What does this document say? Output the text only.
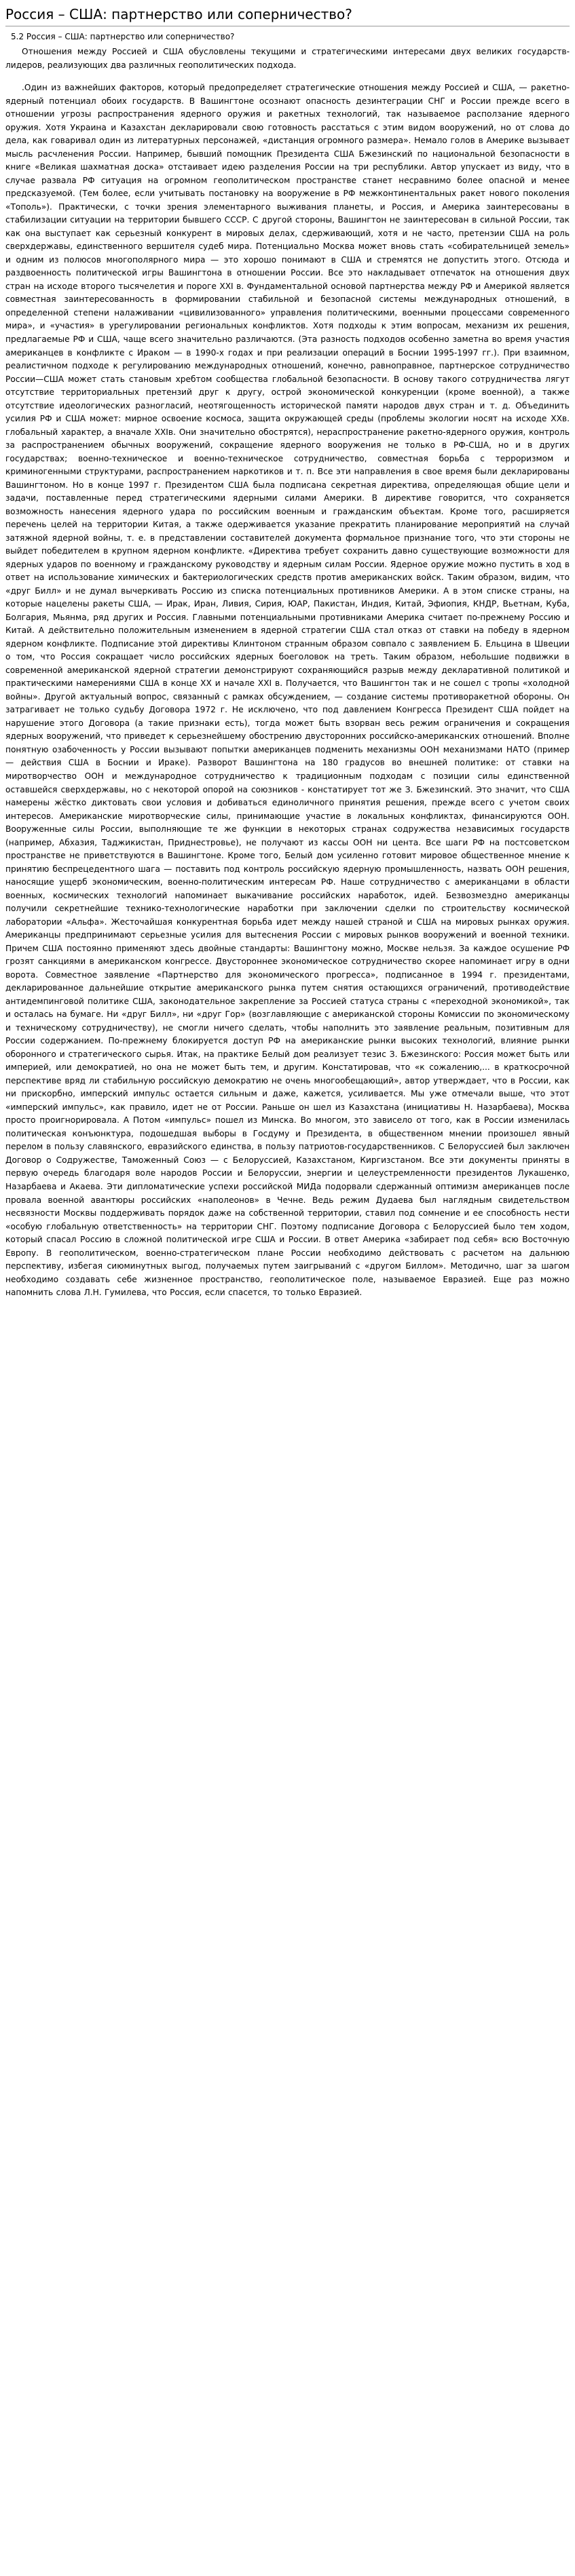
Россия – США: партнерство или соперничество?
5.2 Россия – США: партнерство или соперничество?

Отношения между Россией и США обусловлены текущими и стратегическими интересами двух великих государств-лидеров, реализующих два различных геополитических подхода.

.Один из важнейших факторов, который предопределяет стратегические отношения между Россией и США, — ракетно-ядерный потенциал обоих государств. В Вашингтоне осознают опасность дезинтеграции СНГ и России прежде всего в отношении угрозы распространения ядерного оружия и ракетных технологий, так называемое расползание ядерного оружия. Хотя Украина и Казахстан декларировали свою готовность расстаться с этим видом вооружений, но от слова до дела, как говаривал один из литературных персонажей, «дистанция огромного размера». Немало голов в Америке вызывает мысль расчленения России. Например, бывший помощник Президента США Бжезинский по национальной безопасности в книге «Великая шахматная доска» отстаивает идею разделения России на три республики. Автор упускает из виду, что в случае развала РФ ситуация на огромном геополитическом пространстве станет несравнимо более опасной и менее предсказуемой. (Тем более, если учитывать постановку на вооружение в РФ межконтинентальных ракет нового поколения «Тополь»). Практически, с точки зрения элементарного выживания планеты, и Россия, и Америка заинтересованы в стабилизации ситуации на территории бывшего СССР. С другой стороны, Вашингтон не заинтересован в сильной России, так как она выступает как серьезный конкурент в мировых делах, сдерживающий, хотя и не часто, претензии США на роль сверхдержавы, единственного вершителя судеб мира. Потенциально Москва может вновь стать «собирательницей земель» и одним из полюсов многополярного мира — это хорошо понимают в США и стремятся не допустить этого. Отсюда и раздвоенность политической игры Вашингтона в отношении России. Все это накладывает отпечаток на отношения двух стран на исходе второго тысячелетия и пороге XXI в. Фундаментальной основой партнерства между РФ и Америкой является совместная заинтересованность в формировании стабильной и безопасной системы международных отношений, в определенной степени налаживании «цивилизованного» управления политическими, военными процессами современного мира», и «участия» в урегулировании региональных конфликтов. Хотя подходы к этим вопросам, механизм их решения, предлагаемые РФ и США, чаще всего значительно различаются. (Эта разность подходов особенно заметна во время участия американцев в конфликте с Ираком — в 1990-х годах и при реализации операций в Боснии 1995-1997 гг.). При взаимном, реалистичном подходе к регулированию международных отношений, конечно, равноправное, партнерское сотрудничество России—США может стать становым хребтом сообщества глобальной безопасности. В основу такого сотрудничества лягут отсутствие территориальных претензий друг к другу, острой экономической конкуренции (кроме военной), а также отсутствие идеологических разногласий, неотягощенность исторической памяти народов двух стран и т. д. Объединить усилия РФ и США может: мирное освоение космоса, защита окружающей среды (проблемы экологии носят на исходе XXв. глобальный характер, а вначале XXIв. Они значительно обострятся), нераспространение ракетно-ядерного оружия, контроль за распространением обычных вооружений, сокращение ядерного вооружения не только в РФ-США, но и в других государствах; военно-техническое и военно-техническое сотрудничество, совместная борьба с терроризмом и криминогенными структурами, распространением наркотиков и т. п. Все эти направления в свое время были декларированы Вашингтоном. Но в конце 1997 г. Президентом США была подписана секретная директива, определяющая общие цели и задачи, поставленные перед стратегическими ядерными силами Америки. В директиве говорится, что сохраняется возможность нанесения ядерного удара по российским военным и гражданским объектам. Кроме того, расширяется перечень целей на территории Китая, а также одерживается указание прекратить планирование мероприятий на случай затяжной ядерной войны, т. е. в представлении составителей документа формальное признание того, что эти стороны не выйдет победителем в крупном ядерном конфликте. «Директива требует сохранить давно существующие возможности для ядерных ударов по военному и гражданскому руководству и ядерным силам России. Ядерное оружие можно пустить в ход в ответ на использование химических и бактериологических средств против американских войск. Таким образом, видим, что «друг Билл» и не думал вычеркивать Россию из списка потенциальных противников Америки. А в этом списке страны, на которые нацелены ракеты США, — Ирак, Иран, Ливия, Сирия, ЮАР, Пакистан, Индия, Китай, Эфиопия, КНДР, Вьетнам, Куба, Болгария, Мьянма, ряд других и Россия. Главными потенциальными противниками Америка считает по-прежнему Россию и Китай. А действительно положительным изменением в ядерной стратегии США стал отказ от ставки на победу в ядерном ядерном конфликте. Подписание этой директивы Клинтоном странным образом совпало с заявлением Б. Ельцина в Швеции о том, что Россия сокращает число российских ядерных боеголовок на треть. Таким образом, небольшие подвижки в современной американской ядерной стратегии демонстрируют сохраняющийся разрыв между декларативной политикой и практическими намерениями США в конце XX и начале XXI в. Получается, что Вашингтон так и не сошел с тропы «холодной войны». Другой актуальный вопрос, связанный с рамках обсуждением, — создание системы противоракетной обороны. Он затрагивает не только судьбу Договора 1972 г. Не исключено, что под давлением Конгресса Президент США пойдет на нарушение этого Договора (а такие признаки есть), тогда может быть взорван весь режим ограничения и сокращения ядерных вооружений, что приведет к серьезнейшему обострению двусторонних российско-американских отношений. Вполне понятную озабоченность у России вызывают попытки американцев подменить механизмы ООН механизмами НАТО (пример — действия США в Боснии и Ираке). Разворот Вашингтона на 180 градусов во внешней политике: от ставки на миротворчество ООН и международное сотрудничество к традиционным подходам с позиции силы единственной оставшейся сверхдержавы, но с некоторой опорой на союзников - констатирует тот же З. Бжезинский. Это значит, что США намерены жёстко диктовать свои условия и добиваться единоличного принятия решения, прежде всего с учетом своих интересов. Американские миротворческие силы, принимающие участие в локальных конфликтах, финансируются ООН. Вооруженные силы России, выполняющие те же функции в некоторых странах содружества независимых государств (например, Абхазия, Таджикистан, Приднестровье), не получают из кассы ООН ни цента. Все шаги РФ на постсоветском пространстве не приветствуются в Вашингтоне. Кроме того, Белый дом усиленно готовит мировое общественное мнение к принятию беспрецедентного шага — поставить под контроль российскую ядерную промышленность, назвать ООН решения, наносящие ущерб экономическим, военно-политическим интересам РФ. Наше сотрудничество с американцами в области военных, космических технологий напоминает выкачивание российских наработок, идей. Безвозмездно американцы получили секретнейшие технико-технологические наработки при заключении сделки по строительству космической лаборатории «Альфа». Жесточайшая конкурентная борьба идет между нашей страной и США на мировых рынках оружия. Американцы предпринимают серьезные усилия для вытеснения России с мировых рынков вооружений и военной техники. Причем США постоянно применяют здесь двойные стандарты: Вашингтону можно, Москве нельзя. За каждое осушение РФ грозят санкциями в американском конгрессе. Двустороннее экономическое сотрудничество скорее напоминает игру в одни ворота. Совместное заявление «Партнерство для экономического прогресса», подписанное в 1994 г. президентами, декларированное дальнейшие открытие американского рынка путем снятия остающихся ограничений, противодействие антидемпинговой политике США, законодательное закрепление за Россией статуса страны с «переходной экономикой», так и осталась на бумаге. Ни «друг Билл», ни «друг Гор» (возглавляющие с американской стороны Комиссии по экономическому и техническому сотрудничеству), не смогли ничего сделать, чтобы наполнить это заявление реальным, позитивным для России содержанием. По-прежнему блокируется доступ РФ на американские рынки высоких технологий, влияние рынки оборонного и стратегического сырья. Итак, на практике Белый дом реализует тезис З. Бжезинского: Россия может быть или империей, или демократией, но она не может быть тем, и другим. Констатировав, что «к сожалению,... в краткосрочной перспективе вряд ли стабильную российскую демократию не очень многообещающий», автор утверждает, что в России, как ни прискорбно, имперский импульс остается сильным и даже, кажется, усиливается. Мы уже отмечали выше, что этот «имперский импульс», как правило, идет не от России. Раньше он шел из Казахстана (инициативы Н. Назарбаева), Москва просто проигнорировала. А Потом «импульс» пошел из Минска. Во многом, это зависело от того, как в России изменилась политическая конъюнктура, подошедшая выборы в Госдуму и Президента, в общественном мнении произошел явный перелом в пользу славянского, евразийского единства, в пользу патриотов-государственников. С Белоруссией был заключен Договор о Содружестве, Таможенный Союз — с Белоруссией, Казахстаном, Киргизстаном. Все эти документы приняты в первую очередь благодаря воле народов России и Белоруссии, энергии и целеустремленности президентов Лукашенко, Назарбаева и Акаева. Эти дипломатические успехи российской МИДа подорвали сдержанный оптимизм американцев после провала военной авантюры российских «наполеонов» в Чечне. Ведь режим Дудаева был наглядным свидетельством несвязности Москвы поддерживать порядок даже на собственной территории, ставил под сомнение и ее способность нести «особую глобальную ответственность» на территории СНГ. Поэтому подписание Договора с Белоруссией было тем ходом, который спасал Россию в сложной политической игре США и России. В ответ Америка «забирает под себя» всю Восточную Европу. В геополитическом, военно-стратегическом плане России необходимо действовать с расчетом на дальнюю перспективу, избегая сиюминутных выгод, получаемых путем заигрываний с «другом Биллом». Методично, шаг за шагом необходимо создавать себе жизненное пространство, геополитическое поле, называемое Евразией. Еще раз можно напомнить слова Л.Н. Гумилева, что Россия, если спасется, то только Евразией.
